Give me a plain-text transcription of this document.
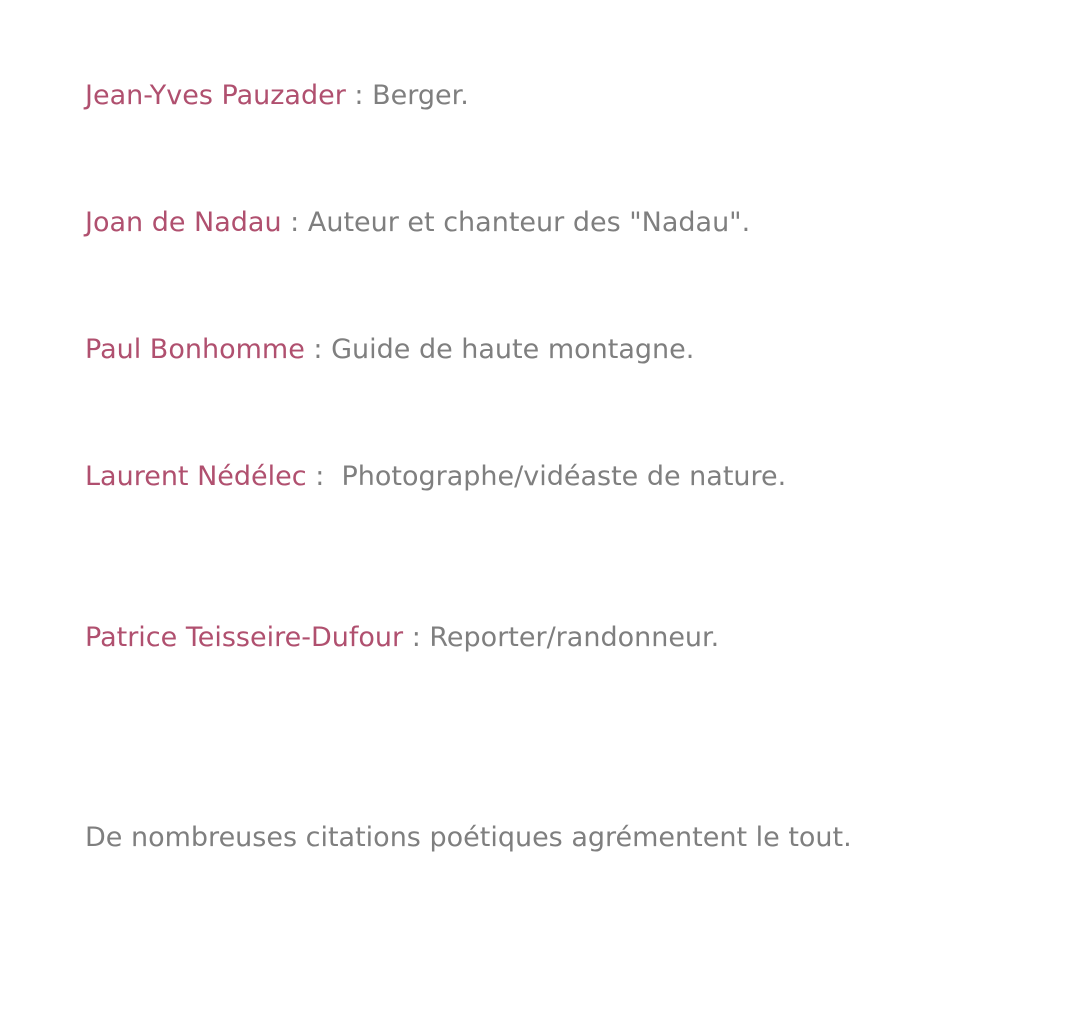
Jean-Yves Pauzader : Berger.
Joan de Nadau : Auteur et chanteur des "Nadau".
Paul Bonhomme : Guide de haute montagne.
Laurent Nédélec :  Photographe/vidéaste de nature.
Patrice Teisseire-Dufour : Reporter/randonneur.
De nombreuses citations poétiques agrémentent le tout.
